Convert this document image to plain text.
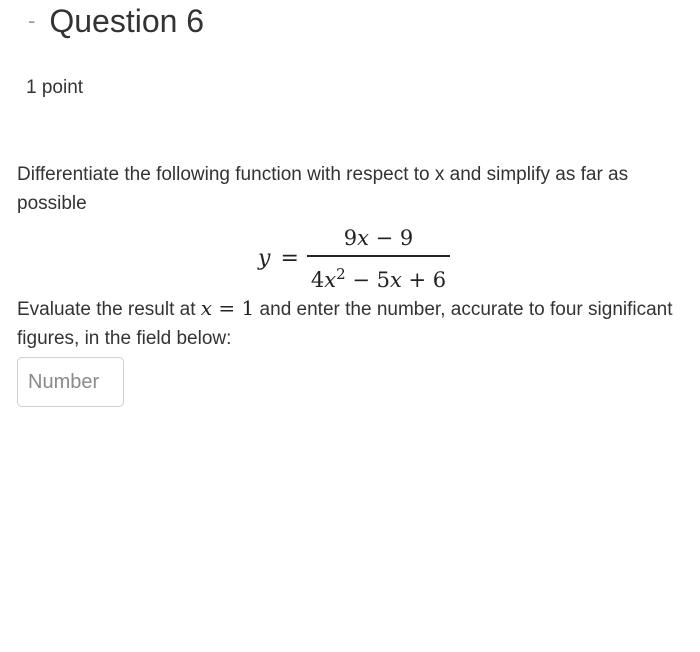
- Question 6
1 point
Differentiate the following function with respect to x and simplify as far as possible
$y = \frac{9x - 9}{4x^2 - 5x + 6}$
Evaluate the result at x = 1 and enter the number, accurate to four significant figures, in the field below:
Number
